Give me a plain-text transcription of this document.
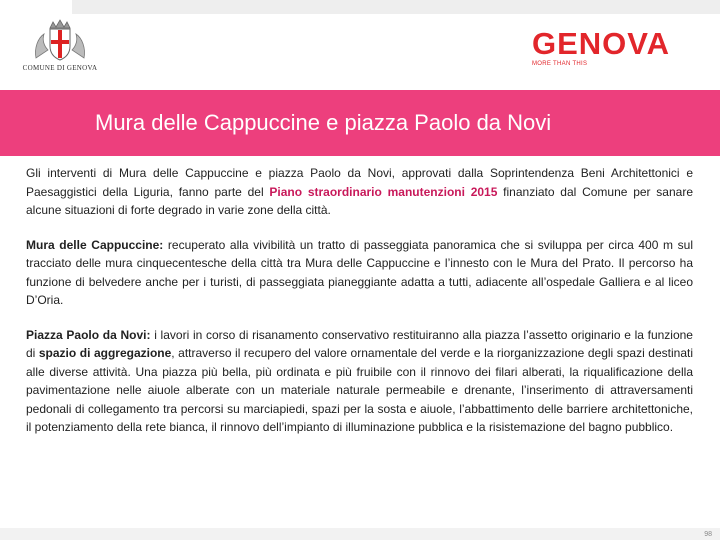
COMUNE DI GENOVA
GENOVA
MORE THAN THIS
Mura delle Cappuccine e piazza Paolo da Novi

Gli interventi di Mura delle Cappuccine e piazza Paolo da Novi, approvati dalla Soprintendenza Beni Architettonici e Paesaggistici della Liguria, fanno parte del Piano straordinario manutenzioni 2015 finanziato dal Comune per sanare alcune situazioni di forte degrado in varie zone della città.

Mura delle Cappuccine: recuperato alla vivibilità un tratto di passeggiata panoramica che si sviluppa per circa 400 m sul tracciato delle mura cinquecentesche della città tra Mura delle Cappuccine e l’innesto con le Mura del Prato. Il percorso ha funzione di belvedere anche per i turisti, di passeggiata pianeggiante adatta a tutti, adiacente all’ospedale Galliera e al liceo D’Oria.

Piazza Paolo da Novi: i lavori in corso di risanamento conservativo restituiranno alla piazza l’assetto originario e la funzione di spazio di aggregazione, attraverso il recupero del valore ornamentale del verde e la riorganizzazione degli spazi destinati alle diverse attività. Una piazza più bella, più ordinata e più fruibile con il rinnovo dei filari alberati, la riqualificazione della pavimentazione nelle aiuole alberate con un materiale naturale permeabile e drenante, l’inserimento di attraversamenti pedonali di collegamento tra percorsi su marciapiedi, spazi per la sosta e aiuole, l’abbattimento delle barriere architettoniche, il potenziamento della rete bianca, il rinnovo dell’impianto di illuminazione pubblica e la risistemazione del bagno pubblico.

98
